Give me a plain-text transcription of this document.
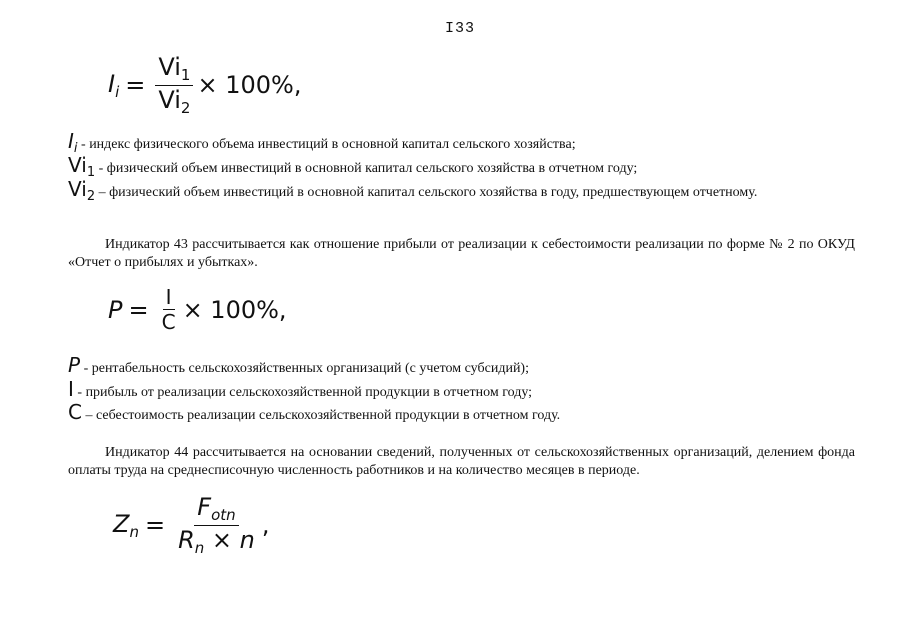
I33
$I_i = \frac{Vi_1}{Vi_2} \times 100\%$,
$I_i$ - индекс физического объема инвестиций в основной капитал сельского хозяйства;
$Vi_1$ - физический объем инвестиций в основной капитал сельского хозяйства в отчетном году;
$Vi_2$ – физический объем инвестиций в основной капитал сельского хозяйства в году, предшествующем отчетному.
Индикатор 43 рассчитывается как отношение прибыли от реализации к себестоимости реализации по форме № 2 по ОКУД «Отчет о прибылях и убытках».
$P = \frac{I}{C} \times 100\%$,
P - рентабельность сельскохозяйственных организаций (с учетом субсидий);
I - прибыль от реализации сельскохозяйственной продукции в отчетном году;
C – себестоимость реализации сельскохозяйственной продукции в отчетном году.
Индикатор 44 рассчитывается на основании сведений, полученных от сельскохозяйственных организаций, делением фонда оплаты труда на среднесписочную численность работников и на количество месяцев в периоде.
$Z_n = \frac{F_{otn}}{R_n \times n}$ ,
